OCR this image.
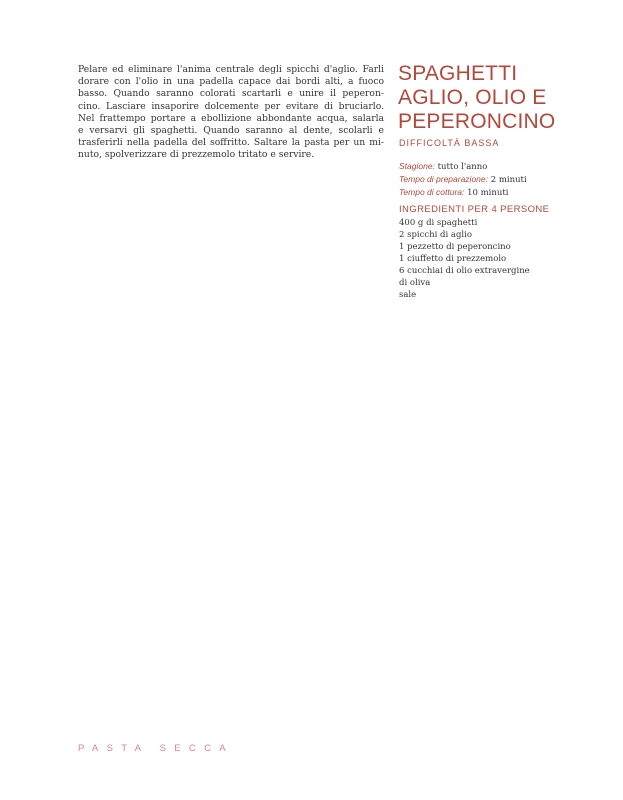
Pelare ed eliminare l'anima centrale degli spicchi d'aglio. Farli
dorare con l'olio in una padella capace dai bordi alti, a fuoco
basso. Quando saranno colorati scartarli e unire il peperon-
cino. Lasciare insaporire dolcemente per evitare di bruciarlo.
Nel frattempo portare a ebollizione abbondante acqua, salarla
e versarvi gli spaghetti. Quando saranno al dente, scolarli e
trasferirli nella padella del soffritto. Saltare la pasta per un mi-
nuto, spolverizzare di prezzemolo tritato e servire.
SPAGHETTI
AGLIO, OLIO E
PEPERONCINO
DIFFICOLTÀ BASSA
Stagione: tutto l'anno
Tempo di preparazione: 2 minuti
Tempo di cottura: 10 minuti
INGREDIENTI PER 4 PERSONE
400 g di spaghetti
2 spicchi di aglio
1 pezzetto di peperoncino
1 ciuffetto di prezzemolo
6 cucchiai di olio extravergine
di oliva
sale
PASTA SECCA
